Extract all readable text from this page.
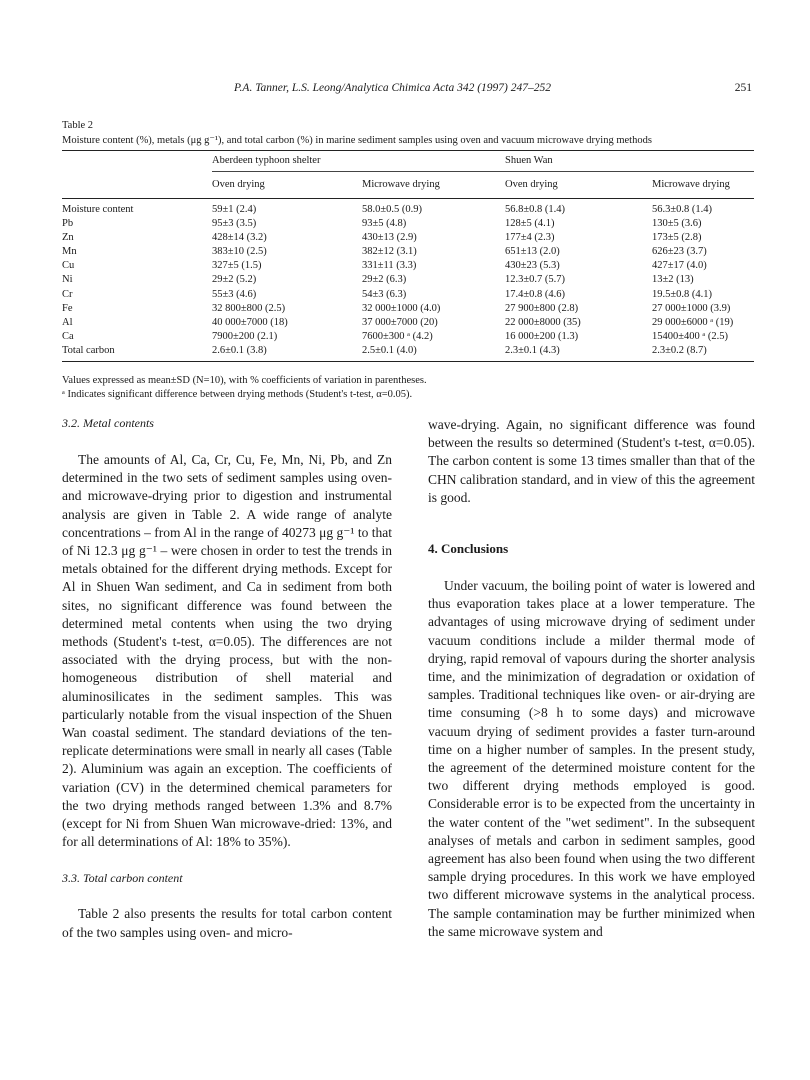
P.A. Tanner, L.S. Leong/Analytica Chimica Acta 342 (1997) 247–252	251
Table 2
Moisture content (%), metals (μg g⁻¹), and total carbon (%) in marine sediment samples using oven and vacuum microwave drying methods
	Aberdeen typhoon shelter		Shuen Wan	
	Oven drying	Microwave drying	Oven drying	Microwave drying
Moisture content	59±1 (2.4)	58.0±0.5 (0.9)	56.8±0.8 (1.4)	56.3±0.8 (1.4)
Pb	95±3 (3.5)	93±5 (4.8)	128±5 (4.1)	130±5 (3.6)
Zn	428±14 (3.2)	430±13 (2.9)	177±4 (2.3)	173±5 (2.8)
Mn	383±10 (2.5)	382±12 (3.1)	651±13 (2.0)	626±23 (3.7)
Cu	327±5 (1.5)	331±11 (3.3)	430±23 (5.3)	427±17 (4.0)
Ni	29±2 (5.2)	29±2 (6.3)	12.3±0.7 (5.7)	13±2 (13)
Cr	55±3 (4.6)	54±3 (6.3)	17.4±0.8 (4.6)	19.5±0.8 (4.1)
Fe	32 800±800 (2.5)	32 000±1000 (4.0)	27 900±800 (2.8)	27 000±1000 (3.9)
Al	40 000±7000 (18)	37 000±7000 (20)	22 000±8000 (35)	29 000±6000 ᵃ (19)
Ca	7900±200 (2.1)	7600±300 ᵃ (4.2)	16 000±200 (1.3)	15400±400 ᵃ (2.5)
Total carbon	2.6±0.1 (3.8)	2.5±0.1 (4.0)	2.3±0.1 (4.3)	2.3±0.2 (8.7)
Values expressed as mean±SD (N=10), with % coefficients of variation in parentheses.
ᵃ Indicates significant difference between drying methods (Student's t-test, α=0.05).

3.2. Metal contents

The amounts of Al, Ca, Cr, Cu, Fe, Mn, Ni, Pb, and Zn determined in the two sets of sediment samples using oven- and microwave-drying prior to digestion and instrumental analysis are given in Table 2. A wide range of analyte concentrations – from Al in the range of 40273 μg g⁻¹ to that of Ni 12.3 μg g⁻¹ – were chosen in order to test the trends in metals obtained for the different drying methods. Except for Al in Shuen Wan sediment, and Ca in sediment from both sites, no significant difference was found between the determined metal contents when using the two drying methods (Student's t-test, α=0.05). The differences are not associated with the drying process, but with the non-homogeneous distribution of shell material and aluminosilicates in the sediment samples. This was particularly notable from the visual inspection of the Shuen Wan coastal sediment. The standard deviations of the ten-replicate determinations were small in nearly all cases (Table 2). Aluminium was again an exception. The coefficients of variation (CV) in the determined chemical parameters for the two drying methods ranged between 1.3% and 8.7% (except for Ni from Shuen Wan microwave-dried: 13%, and for all determinations of Al: 18% to 35%).

3.3. Total carbon content

Table 2 also presents the results for total carbon content of the two samples using oven- and micro-

wave-drying. Again, no significant difference was found between the results so determined (Student's t-test, α=0.05). The carbon content is some 13 times smaller than that of the CHN calibration standard, and in view of this the agreement is good.

4. Conclusions

Under vacuum, the boiling point of water is lowered and thus evaporation takes place at a lower temperature. The advantages of using microwave drying of sediment under vacuum conditions include a milder thermal mode of drying, rapid removal of vapours during the shorter analysis time, and the minimization of degradation or oxidation of samples. Traditional techniques like oven- or air-drying are time consuming (>8 h to some days) and microwave vacuum drying of sediment provides a faster turn-around time on a higher number of samples. In the present study, the agreement of the determined moisture content for the two different drying methods employed is good. Considerable error is to be expected from the uncertainty in the water content of the "wet sediment". In the subsequent analyses of metals and carbon in sediment samples, good agreement has also been found when using the two different sample drying procedures. In this work we have employed two different microwave systems in the analytical process. The sample contamination may be further minimized when the same microwave system and
